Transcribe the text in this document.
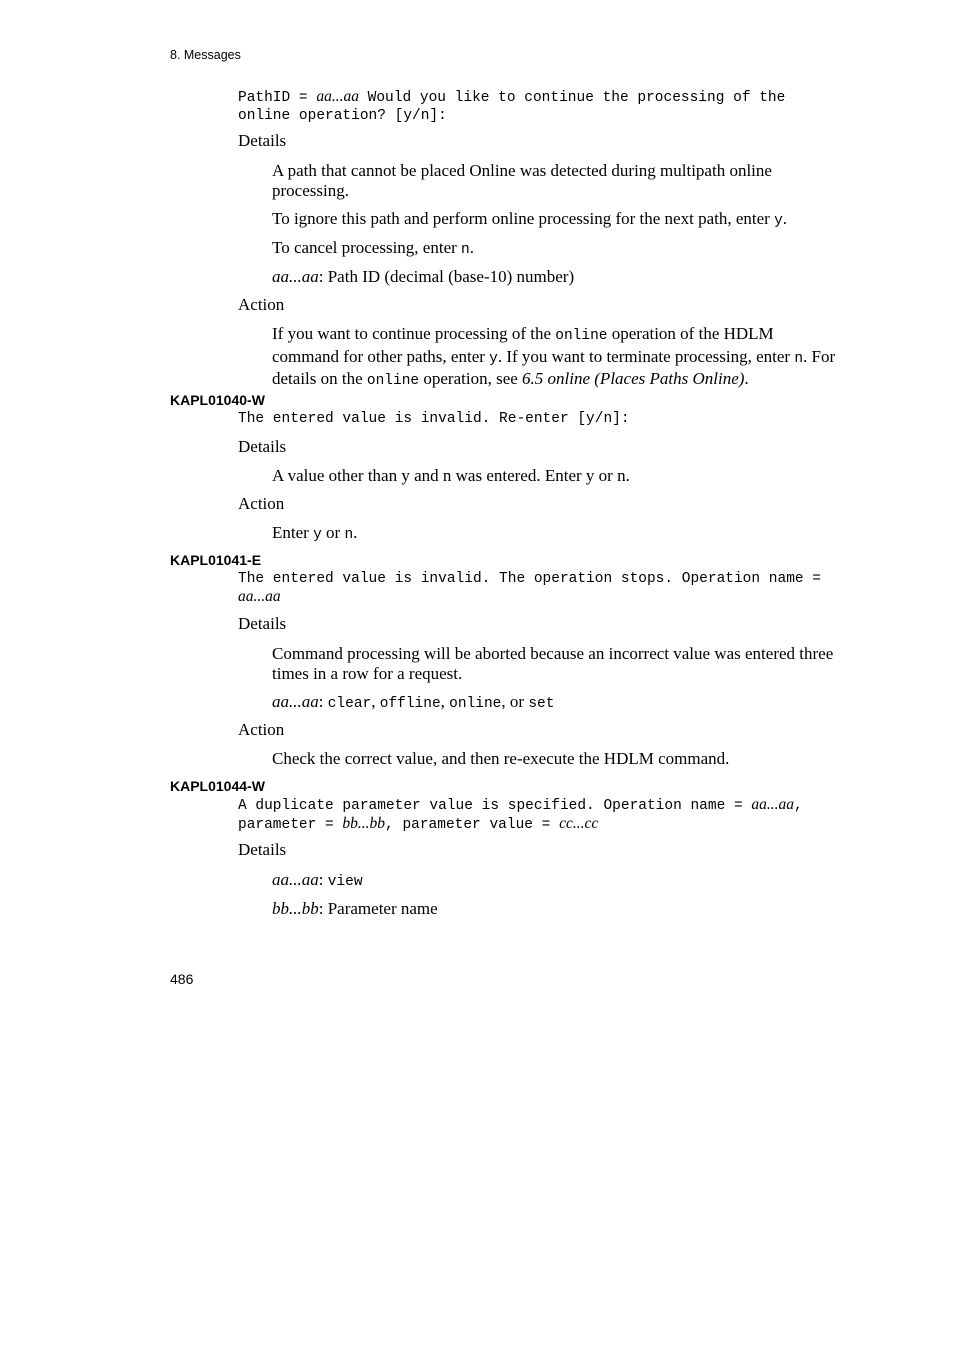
8. Messages
PathID = aa...aa Would you like to continue the processing of the online operation? [y/n]:
Details
A path that cannot be placed Online was detected during multipath online processing.
To ignore this path and perform online processing for the next path, enter y.
To cancel processing, enter n.
aa...aa: Path ID (decimal (base-10) number)
Action
If you want to continue processing of the online operation of the HDLM command for other paths, enter y. If you want to terminate processing, enter n. For details on the online operation, see 6.5 online (Places Paths Online).
KAPL01040-W
The entered value is invalid. Re-enter [y/n]:
Details
A value other than y and n was entered. Enter y or n.
Action
Enter y or n.
KAPL01041-E
The entered value is invalid. The operation stops. Operation name = aa...aa
Details
Command processing will be aborted because an incorrect value was entered three times in a row for a request.
aa...aa: clear, offline, online, or set
Action
Check the correct value, and then re-execute the HDLM command.
KAPL01044-W
A duplicate parameter value is specified. Operation name = aa...aa, parameter = bb...bb, parameter value = cc...cc
Details
aa...aa: view
bb...bb: Parameter name
486
